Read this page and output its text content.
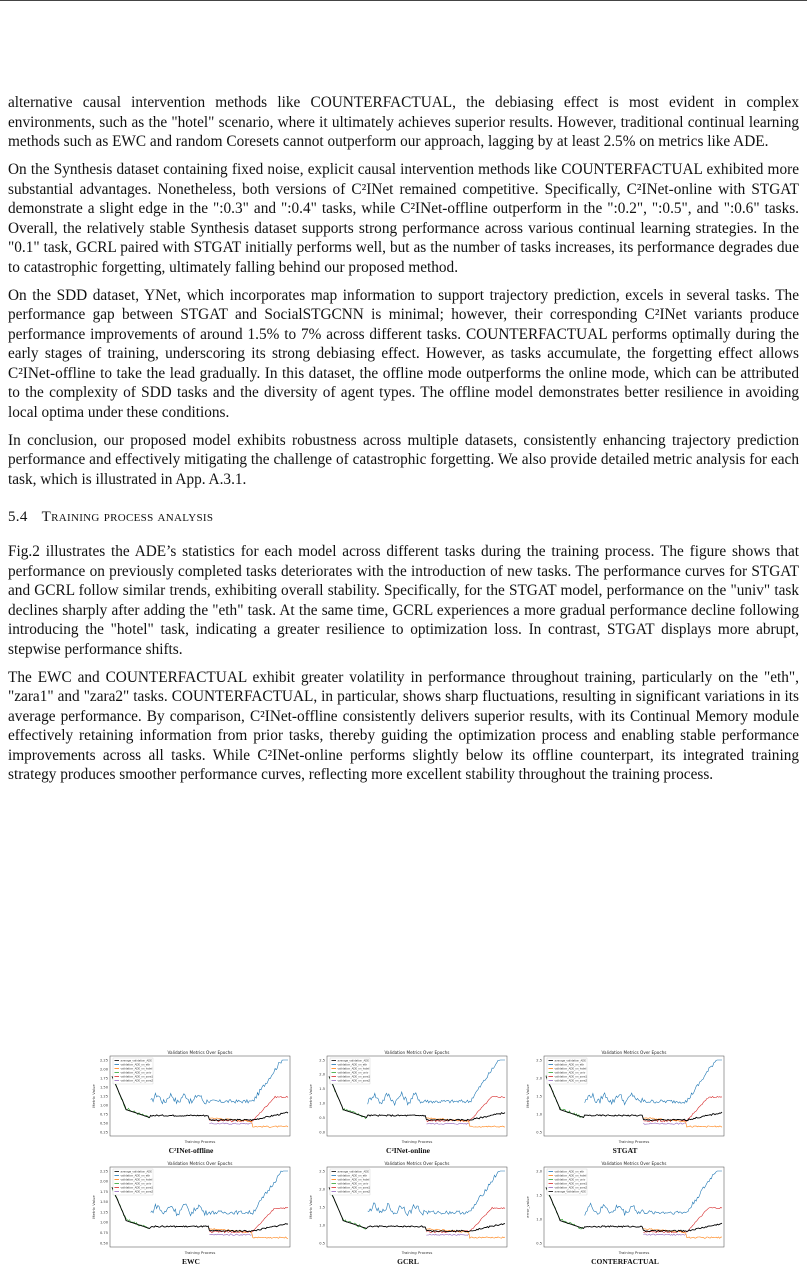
alternative causal intervention methods like COUNTERFACTUAL, the debiasing effect is most evident in complex environments, such as the "hotel" scenario, where it ultimately achieves superior results. However, traditional continual learning methods such as EWC and random Coresets cannot outperform our approach, lagging by at least 2.5% on metrics like ADE.

On the Synthesis dataset containing fixed noise, explicit causal intervention methods like COUNTERFACTUAL exhibited more substantial advantages. Nonetheless, both versions of C²INet remained competitive. Specifically, C²INet-online with STGAT demonstrate a slight edge in the ":0.3" and ":0.4" tasks, while C²INet-offline outperform in the ":0.2", ":0.5", and ":0.6" tasks. Overall, the relatively stable Synthesis dataset supports strong performance across various continual learning strategies. In the "0.1" task, GCRL paired with STGAT initially performs well, but as the number of tasks increases, its performance degrades due to catastrophic forgetting, ultimately falling behind our proposed method.

On the SDD dataset, YNet, which incorporates map information to support trajectory prediction, excels in several tasks. The performance gap between STGAT and SocialSTGCNN is minimal; however, their corresponding C²INet variants produce performance improvements of around 1.5% to 7% across different tasks. COUNTERFACTUAL performs optimally during the early stages of training, underscoring its strong debiasing effect. However, as tasks accumulate, the forgetting effect allows C²INet-offline to take the lead gradually. In this dataset, the offline mode outperforms the online mode, which can be attributed to the complexity of SDD tasks and the diversity of agent types. The offline model demonstrates better resilience in avoiding local optima under these conditions.

In conclusion, our proposed model exhibits robustness across multiple datasets, consistently enhancing trajectory prediction performance and effectively mitigating the challenge of catastrophic forgetting. We also provide detailed metric analysis for each task, which is illustrated in App. A.3.1.

5.4 Training process analysis

Fig.2 illustrates the ADE’s statistics for each model across different tasks during the training process. The figure shows that performance on previously completed tasks deteriorates with the introduction of new tasks. The performance curves for STGAT and GCRL follow similar trends, exhibiting overall stability. Specifically, for the STGAT model, performance on the "univ" task declines sharply after adding the "eth" task. At the same time, GCRL experiences a more gradual performance decline following introducing the "hotel" task, indicating a greater resilience to optimization loss. In contrast, STGAT displays more abrupt, stepwise performance shifts.

The EWC and COUNTERFACTUAL exhibit greater volatility in performance throughout training, particularly on the "eth", "zara1" and "zara2" tasks. COUNTERFACTUAL, in particular, shows sharp fluctuations, resulting in significant variations in its average performance. By comparison, C²INet-offline consistently delivers superior results, with its Continual Memory module effectively retaining information from prior tasks, thereby guiding the optimization process and enabling stable performance improvements across all tasks. While C²INet-online performs slightly below its offline counterpart, its integrated training strategy produces smoother performance curves, reflecting more excellent stability throughout the training process.

Validation Metrics Over Epochs
2.25
2.00
1.75
1.50
1.25
1.00
0.75
0.50
0.25
Metric Value
Training Process
average_validation_ADE
validation_ADE_on_eth
validation_ADE_on_hotel
validation_ADE_on_univ
validation_ADE_on_zara1
validation_ADE_on_zara2
C²INet-offline
Validation Metrics Over Epochs
2.5
2.0
1.5
1.0
0.5
0.0
Metric Value
Training Process
average_validation_ADE
validation_ADE_on_eth
validation_ADE_on_hotel
validation_ADE_on_univ
validation_ADE_on_zara1
validation_ADE_on_zara2
C²INet-online
Validation Metrics Over Epochs
2.5
2.0
1.5
1.0
0.5
Metric Value
Training Process
average_validation_ADE
validation_ADE_on_eth
validation_ADE_on_hotel
validation_ADE_on_univ
validation_ADE_on_zara1
validation_ADE_on_zara2
STGAT
Validation Metrics Over Epochs
2.25
2.00
1.75
1.50
1.25
1.00
0.75
0.50
Metric Value
Training Process
average_validation_ADE
validation_ADE_on_eth
validation_ADE_on_hotel
validation_ADE_on_univ
validation_ADE_on_zara1
validation_ADE_on_zara2
EWC
Validation Metrics Over Epochs
2.5
2.0
1.5
1.0
0.5
Metric Value
Training Process
average_validation_ADE
validation_ADE_on_eth
validation_ADE_on_hotel
validation_ADE_on_univ
validation_ADE_on_zara1
validation_ADE_on_zara2
GCRL
Validation Metrics Over Epochs
2.0
1.5
1.0
0.5
error_value
Training Process
validation_ADE_on_eth
validation_ADE_on_hotel
validation_ADE_on_univ
validation_ADE_on_zara1
validation_ADE_on_zara2
average_Validation_ADE
CONTERFACTUAL
